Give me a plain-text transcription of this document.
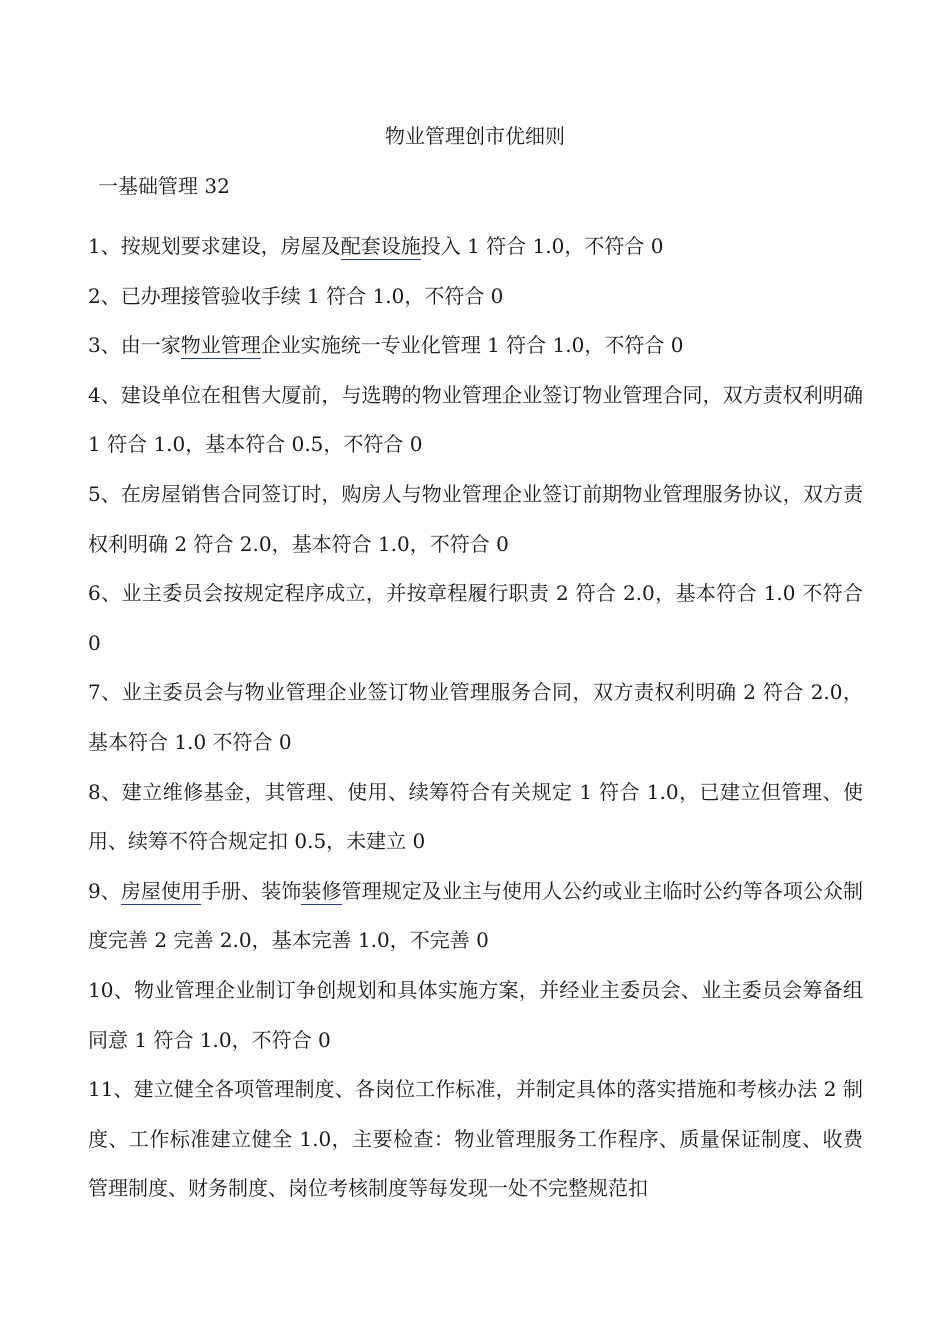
物业管理创市优细则
一基础管理 32
1、按规划要求建设，房屋及配套设施投入 1 符合 1.0，不符合 0
2、已办理接管验收手续 1 符合 1.0，不符合 0
3、由一家物业管理企业实施统一专业化管理 1 符合 1.0，不符合 0
4、建设单位在租售大厦前，与选聘的物业管理企业签订物业管理合同，双方责权利明确 1 符合 1.0，基本符合 0.5，不符合 0
5、在房屋销售合同签订时，购房人与物业管理企业签订前期物业管理服务协议，双方责权利明确 2 符合 2.0，基本符合 1.0，不符合 0
6、业主委员会按规定程序成立，并按章程履行职责 2 符合 2.0，基本符合 1.0 不符合 0
7、业主委员会与物业管理企业签订物业管理服务合同，双方责权利明确 2 符合 2.0，基本符合 1.0 不符合 0
8、建立维修基金，其管理、使用、续筹符合有关规定 1 符合 1.0，已建立但管理、使用、续筹不符合规定扣 0.5，未建立 0
9、房屋使用手册、装饰装修管理规定及业主与使用人公约或业主临时公约等各项公众制度完善 2 完善 2.0，基本完善 1.0，不完善 0
10、物业管理企业制订争创规划和具体实施方案，并经业主委员会、业主委员会筹备组同意 1 符合 1.0，不符合 0
11、建立健全各项管理制度、各岗位工作标准，并制定具体的落实措施和考核办法 2 制度、工作标准建立健全 1.0，主要检查：物业管理服务工作程序、质量保证制度、收费管理制度、财务制度、岗位考核制度等每发现一处不完整规范扣
